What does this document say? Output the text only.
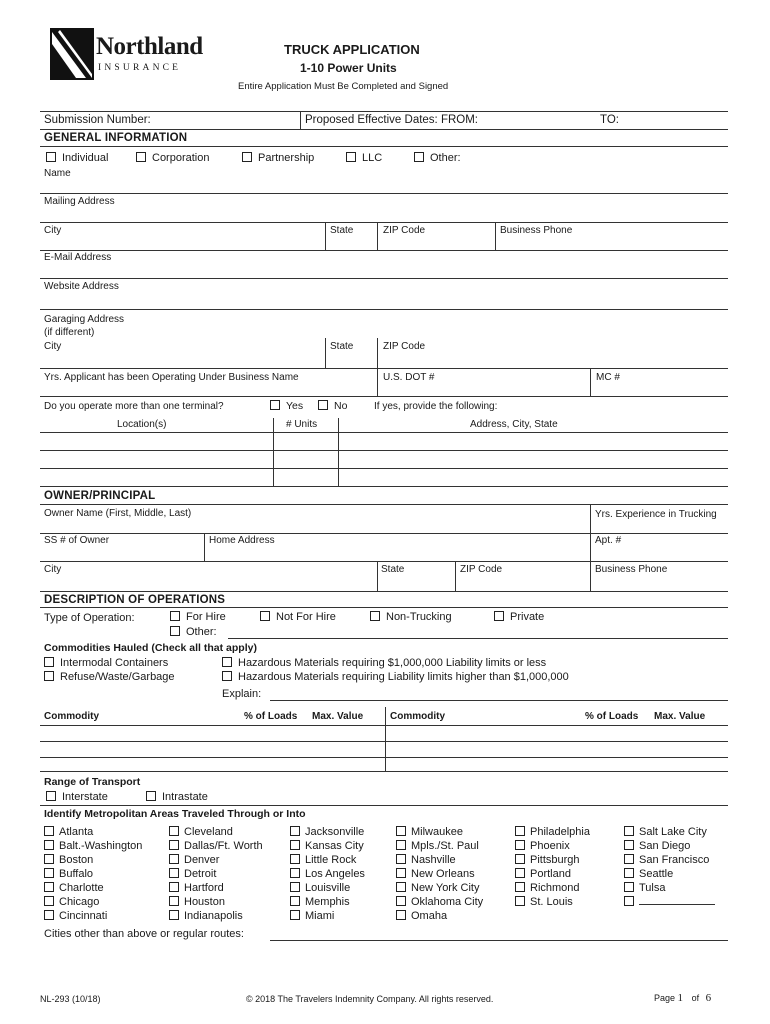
Northland
INSURANCE
TRUCK APPLICATION
1-10 Power Units
Entire Application Must Be Completed and Signed
Submission Number:	Proposed Effective Dates: FROM:	TO:
GENERAL INFORMATION
Individual	Corporation	Partnership	LLC	Other:
Name
Mailing Address
City	State	ZIP Code	Business Phone
E-Mail Address
Website Address
Garaging Address
(if different)
City	State	ZIP Code
Yrs. Applicant has been Operating Under Business Name	U.S. DOT #	MC #
Do you operate more than one terminal?	Yes	No	If yes, provide the following:
Location(s)	# Units	Address, City, State
OWNER/PRINCIPAL
Owner Name (First, Middle, Last)	Yrs. Experience in Trucking
SS # of Owner	Home Address	Apt. #
City	State	ZIP Code	Business Phone
DESCRIPTION OF OPERATIONS
Type of Operation:	For Hire	Not For Hire	Non-Trucking	Private
Other:
Commodities Hauled (Check all that apply)
Intermodal Containers
Refuse/Waste/Garbage
Hazardous Materials requiring $1,000,000 Liability limits or less
Hazardous Materials requiring Liability limits higher than $1,000,000
Explain:
Commodity	% of Loads Max. Value	Commodity	% of Loads Max. Value
Range of Transport
Interstate	Intrastate
Identify Metropolitan Areas Traveled Through or Into
Atlanta
Balt.-Washington
Boston
Buffalo
Charlotte
Chicago
Cincinnati
Cleveland
Dallas/Ft. Worth
Denver
Detroit
Hartford
Houston
Indianapolis
Jacksonville
Kansas City
Little Rock
Los Angeles
Louisville
Memphis
Miami
Milwaukee
Mpls./St. Paul
Nashville
New Orleans
New York City
Oklahoma City
Omaha
Philadelphia
Phoenix
Pittsburgh
Portland
Richmond
St. Louis
Salt Lake City
San Diego
San Francisco
Seattle
Tulsa
Cities other than above or regular routes:
NL-293 (10/18)	© 2018 The Travelers Indemnity Company. All rights reserved.	Page 1 of 6
